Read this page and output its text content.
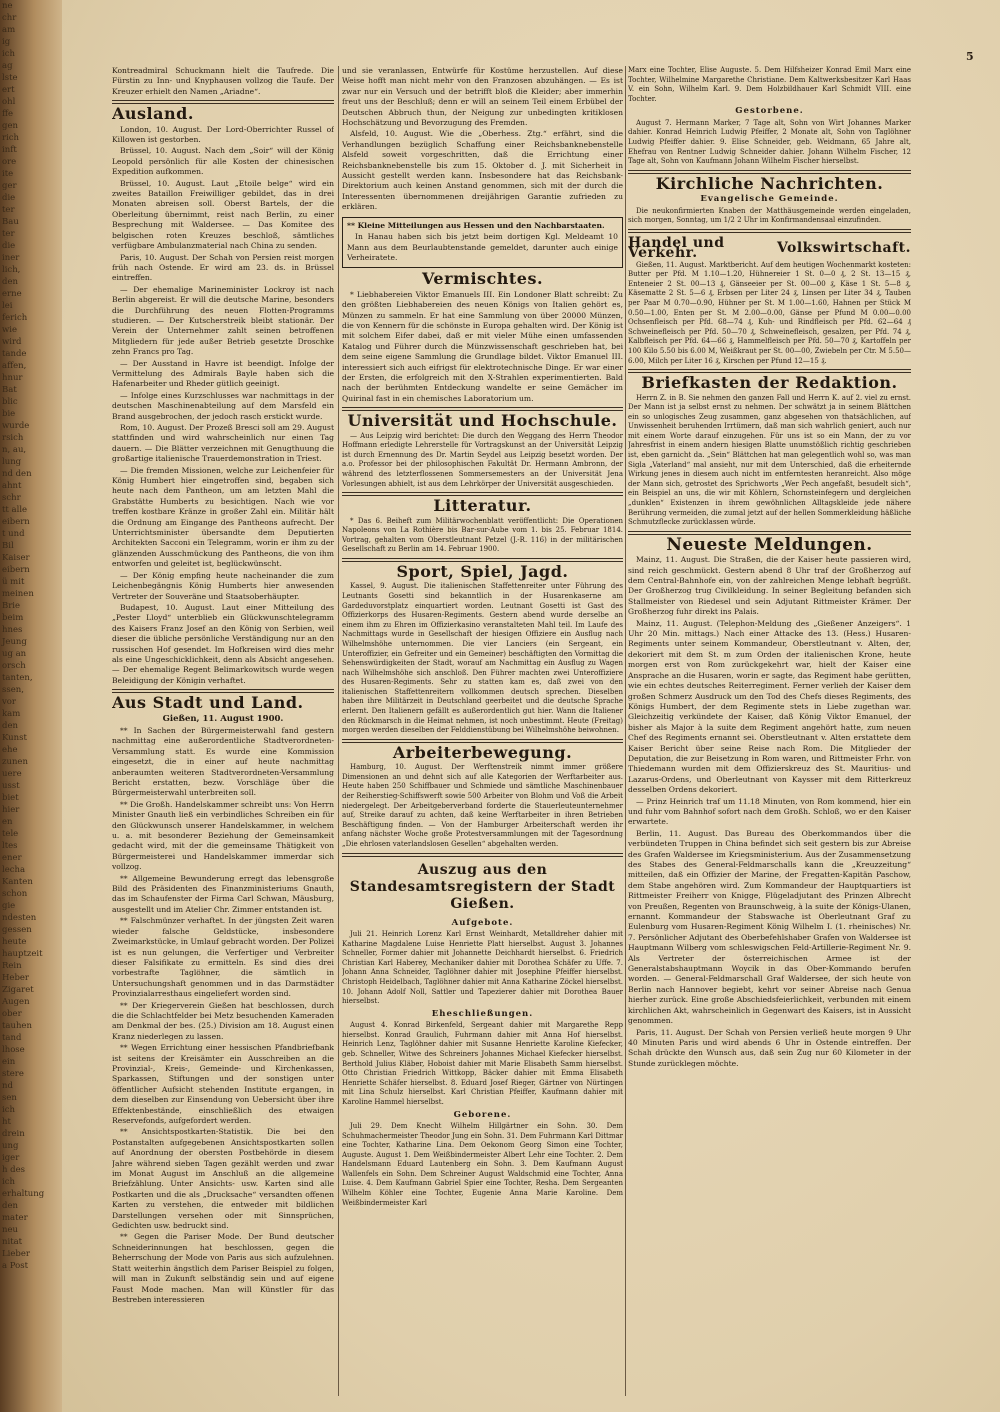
ne
chr
am
ig
ich
ag
lste
ert
ohl
ffe
gen
rich
inft
ore
ite
ger
die
ter
Bau
ter
die
iner
lich,
den
erne
lei
ferich
wie
wird
tande
affen,
hnur
Bat
blic
bie
wurde
rsich
n, au,
lung
nd den
ahnt
schr
tt alle
eibern
t und
Bil
Kaiser
eibern
ü mit
meinen
Brie
beim
hnes
Jeung
ug an
orsch
tanten,
ssen,
vor
kam
den
Kunst
ehe
zunen
uere
usst
biet
hier
en
tele
ltes
ener
lecha
Kanten
schon
gie
ndesten
gessen
heute
hauptzeit
Rein
Heber
Zigaret
Augen
ober
tauhen
tand
lhose
ein
stere
nd
sen
ich
ht
drein
ung
iger
h des
ich
erhaltung
den
mater
neu
nitat
Lieber
a Post
5

Kontreadmiral Schuckmann hielt die Taufrede. Die Fürstin zu Inn- und Knyphausen vollzog die Taufe. Der Kreuzer erhielt den Namen „Ariadne“.

Ausland.

London, 10. August. Der Lord-Oberrichter Russel of Killowen ist gestorben.

Brüssel, 10. August. Nach dem „Soir“ will der König Leopold persönlich für alle Kosten der chinesischen Expedition aufkommen.

Brüssel, 10. August. Laut „Etoile belge“ wird ein zweites Bataillon Freiwilliger gebildet, das in drei Monaten abreisen soll. Oberst Bartels, der die Oberleitung übernimmt, reist nach Berlin, zu einer Besprechung mit Waldersee. — Das Komitee des belgischen roten Kreuzes beschloß, sämtliches verfügbare Ambulanzmaterial nach China zu senden.

Paris, 10. August. Der Schah von Persien reist morgen früh nach Ostende. Er wird am 23. ds. in Brüssel eintreffen.

— Der ehemalige Marineminister Lockroy ist nach Berlin abgereist. Er will die deutsche Marine, besonders die Durchführung des neuen Flotten-Programms studieren. — Der Kutscherstreik bleibt stationär. Der Verein der Unternehmer zahlt seinen betroffenen Mitgliedern für jede außer Betrieb gesetzte Droschke zehn Francs pro Tag.

— Der Ausstand in Havre ist beendigt. Infolge der Vermittelung des Admirals Bayle haben sich die Hafenarbeiter und Rheder gütlich geeinigt.

— Infolge eines Kurzschlusses war nachmittags in der deutschen Maschinenabteilung auf dem Marsfeld ein Brand ausgebrochen, der jedoch rasch erstickt wurde.

Rom, 10. August. Der Prozeß Bresci soll am 29. August stattfinden und wird wahrscheinlich nur einen Tag dauern. — Die Blätter verzeichnen mit Genugthuung die großartige italienische Trauerdemonstration in Triest.

— Die fremden Missionen, welche zur Leichenfeier für König Humbert hier eingetroffen sind, begaben sich heute nach dem Pantheon, um am letzten Mahl die Grabstätte Humberts zu besichtigen. Nach wie vor treffen kostbare Kränze in großer Zahl ein. Militär hält die Ordnung am Eingange des Pantheons aufrecht. Der Unterrichtsminister übersandte dem Deputierten Architekten Sacconi ein Telegramm, worin er ihm zu der glänzenden Ausschmückung des Pantheons, die von ihm entworfen und geleitet ist, beglückwünscht.

— Der König empfing heute nacheinander die zum Leichenbegängnis König Humberts hier anwesenden Vertreter der Souveräne und Staatsoberhäupter.

Budapest, 10. August. Laut einer Mitteilung des „Pester Lloyd“ unterblieb ein Glückwunschtelegramm des Kaisers Franz Josef an den König von Serbien, weil dieser die übliche persönliche Verständigung nur an den russischen Hof gesendet. Im Hofkreisen wird dies mehr als eine Ungeschicklichkeit, denn als Absicht angesehen. — Der ehemalige Regent Belimarkowitsch wurde wegen Beleidigung der Königin verhaftet.

Aus Stadt und Land.
Gießen, 11. August 1900.

** In Sachen der Bürgermeisterwahl fand gestern nachmittag eine außerordentliche Stadtverordneten-Versammlung statt. Es wurde eine Kommission eingesetzt, die in einer auf heute nachmittag anberaumten weiteren Stadtverordneten-Versammlung Bericht erstatten, bezw. Vorschläge über die Bürgermeisterwahl unterbreiten soll.

** Die Großh. Handelskammer schreibt uns: Von Herrn Minister Gnauth ließ ein verbindliches Schreiben ein für den Glückwunsch unserer Handelskammer, in welchem u. a. mit besonderer Beziehung der Gemeinsamkeit gedacht wird, mit der die gemeinsame Thätigkeit von Bürgermeisterei und Handelskammer immerdar sich vollzog.

** Allgemeine Bewunderung erregt das lebensgroße Bild des Präsidenten des Finanzministeriums Gnauth, das im Schaufenster der Firma Carl Schwan, Mäusburg, ausgestellt und im Atelier Chr. Zimmer entstanden ist.

** Falschmünzer verhaftet. In der jüngsten Zeit waren wieder falsche Geldstücke, insbesondere Zweimarkstücke, in Umlauf gebracht worden. Der Polizei ist es nun gelungen, die Verfertiger und Verbreiter dieser Falsifikate zu ermitteln. Es sind dies drei vorbestrafte Taglöhner, die sämtlich in Untersuchungshaft genommen und in das Darmstädter Provinzialarresthaus eingeliefert worden sind.

** Der Kriegerverein Gießen hat beschlossen, durch die die Schlachtfelder bei Metz besuchenden Kameraden am Denkmal der bes. (25.) Division am 18. August einen Kranz niederlegen zu lassen.

** Wegen Errichtung einer hessischen Pfandbriefbank ist seitens der Kreisämter ein Ausschreiben an die Provinzial-, Kreis-, Gemeinde- und Kirchenkassen, Sparkassen, Stiftungen und der sonstigen unter öffentlicher Aufsicht stehenden Institute ergangen, in dem dieselben zur Einsendung von Uebersicht über ihre Effektenbestände, einschließlich des etwaigen Reservefonds, aufgefordert werden.

** Ansichtspostkarten-Statistik. Die bei den Postanstalten aufgegebenen Ansichtspostkarten sollen auf Anordnung der obersten Postbehörde in diesem Jahre während sieben Tagen gezählt werden und zwar im Monat August im Anschluß an die allgemeine Briefzählung. Unter Ansichts- usw. Karten sind alle Postkarten und die als „Drucksache“ versandten offenen Karten zu verstehen, die entweder mit bildlichen Darstellungen versehen oder mit Sinnsprüchen, Gedichten usw. bedruckt sind.

** Gegen die Pariser Mode. Der Bund deutscher Schneiderinnungen hat beschlossen, gegen die Beherrschung der Mode von Paris aus sich aufzulehnen. Statt weiterhin ängstlich dem Pariser Beispiel zu folgen, will man in Zukunft selbständig sein und auf eigene Faust Mode machen. Man will Künstler für das Bestreben interessieren

und sie veranlassen, Entwürfe für Kostüme herzustellen. Auf diese Weise hofft man nicht mehr von den Franzosen abzuhängen. — Es ist zwar nur ein Versuch und der betrifft bloß die Kleider; aber immerhin freut uns der Beschluß; denn er will an seinem Teil einem Erbübel der Deutschen Abbruch thun, der Neigung zur unbedingten kritiklosen Hochschätzung und Bevorzugung des Fremden.

Alsfeld, 10. August. Wie die „Oberhess. Ztg.“ erfährt, sind die Verhandlungen bezüglich Schaffung einer Reichsbanknebenstelle Alsfeld soweit vorgeschritten, daß die Errichtung einer Reichsbanknebenstelle bis zum 15. Oktober d. J. mit Sicherheit in Aussicht gestellt werden kann. Insbesondere hat das Reichsbank-Direktorium auch keinen Anstand genommen, sich mit der durch die Interessenten übernommenen dreijährigen Garantie zufrieden zu erklären.

** Kleine Mitteilungen aus Hessen und den Nachbarstaaten.

In Hanau haben sich bis jetzt beim dortigen Kgl. Meldeamt 10 Mann aus dem Beurlaubtenstande gemeldet, darunter auch einige Verheiratete.

Vermischtes.

* Liebhabereien Viktor Emanuels III. Ein Londoner Blatt schreibt: Zu den größten Liebhabereien des neuen Königs von Italien gehört es, Münzen zu sammeln. Er hat eine Sammlung von über 20000 Münzen, die von Kennern für die schönste in Europa gehalten wird. Der König ist mit solchem Eifer dabei, daß er mit vieler Mühe einen umfassenden Katalog und Führer durch die Münzwissenschaft geschrieben hat, bei dem seine eigene Sammlung die Grundlage bildet. Viktor Emanuel III. interessiert sich auch eifrigst für elektrotechnische Dinge. Er war einer der Ersten, die erfolgreich mit den X-Strahlen experimentierten. Bald nach der berühmten Entdeckung wandelte er seine Gemächer im Quirinal fast in ein chemisches Laboratorium um.

Universität und Hochschule.

— Aus Leipzig wird berichtet: Die durch den Weggang des Herrn Theodor Hoffmann erledigte Lehrerstelle für Vortragskunst an der Universität Leipzig ist durch Ernennung des Dr. Martin Seydel aus Leipzig besetzt worden. Der a.o. Professor bei der philosophischen Fakultät Dr. Hermann Ambronn, der während des letzterflossenen Sommersemesters an der Universität Jena Vorlesungen abhielt, ist aus dem Lehrkörper der Universität ausgeschieden.

Litteratur.

* Das 6. Beiheft zum Militärwochenblatt veröffentlicht: Die Operationen Napoleons von La Rothière bis Bar-sur-Aube vom 1. bis 25. Februar 1814. Vortrag, gehalten vom Oberstleutnant Petzel (J.-R. 116) in der militärischen Gesellschaft zu Berlin am 14. Februar 1900.

Sport, Spiel, Jagd.

Kassel, 9. August. Die italienischen Staffettenreiter unter Führung des Leutnants Gosetti sind bekanntlich in der Husarenkaserne am Gardeduvorstplatz einquartiert worden. Leutnant Gosetti ist Gast des Offizierkorps des Husaren-Regiments. Gestern abend wurde derselbe an einem ihm zu Ehren im Offizierkasino veranstalteten Mahl teil. Im Laufe des Nachmittags wurde in Gesellschaft der hiesigen Offiziere ein Ausflug nach Wilhelmshöhe unternommen. Die vier Lanciers (ein Sergeant, ein Unteroffizier, ein Gefreiter und ein Gemeiner) beschäftigten den Vormittag die Sehenswürdigkeiten der Stadt, worauf am Nachmittag ein Ausflug zu Wagen nach Wilhelmshöhe sich anschloß. Den Führer machten zwei Unteroffiziere des Husaren-Regiments. Sehr zu statten kam es, daß zwei von den italienischen Staffettenreitern vollkommen deutsch sprechen. Dieselben haben ihre Militärzeit in Deutschland geerbeitet und die deutsche Sprache erlernt. Den Italienern gefällt es außerordentlich gut hier. Wann die Italiener den Rückmarsch in die Heimat nehmen, ist noch unbestimmt. Heute (Freitag) morgen werden dieselben der Felddienstübung bei Wilhelmshöhe beiwohnen.

Arbeiterbewegung.

Hamburg, 10. August. Der Werftenstreik nimmt immer größere Dimensionen an und dehnt sich auf alle Kategorien der Werftarbeiter aus. Heute haben 250 Schiffbauer und Schmiede und sämtliche Maschinenbauer der Reiherstieg-Schiffswerft sowie 500 Arbeiter von Blohm und Voß die Arbeit niedergelegt. Der Arbeitgeberverband forderte die Stauerleuteunternehmer auf, Streike darauf zu achten, daß keine Werftarbeiter in ihren Betrieben Beschäftigung finden. — Von der Hamburger Arbeiterschaft werden ihr anfang nächster Woche große Protestversammlungen mit der Tagesordnung „Die ehrlosen vaterlandslosen Gesellen“ abgehalten werden.

Auszug aus den Standesamtsregistern der Stadt Gießen.
Aufgebote.

Juli 21. Heinrich Lorenz Karl Ernst Weinhardt, Metalldreher dahier mit Katharine Magdalene Luise Henriette Platt hierselbst. August 3. Johannes Schneller, Former dahier mit Johannette Deichhardt hierselbst. 6. Friedrich Christian Karl Haberey, Mechaniker dahier mit Dorothea Schäfer zu Uffe. 7. Johann Anna Schneider, Taglöhner dahier mit Josephine Pfeiffer hierselbst. Christoph Heidelbach, Taglöhner dahier mit Anna Katharine Zöckel hierselbst. 10. Johann Adolf Noll, Sattler und Tapezierer dahier mit Dorothea Bauer hierselbst.

Eheschließungen.

August 4. Konrad Birkenfeld, Sergeant dahier mit Margarethe Repp hierselbst. Konrad Graulich, Fuhrmann dahier mit Anna Hof hierselbst. Heinrich Lenz, Taglöhner dahier mit Susanne Henriette Karoline Kiefecker, geb. Schneller, Witwe des Schreiners Johannes Michael Kiefecker hierselbst. Berthold Julius Kläber, Hoboist dahier mit Marie Elisabeth Samm hierselbst. Otto Christian Friedrich Wittkopp, Bäcker dahier mit Emma Elisabeth Henriette Schäfer hierselbst. 8. Eduard Josef Rieger, Gärtner von Nürtingen mit Lina Schulz hierselbst. Karl Christian Pfeiffer, Kaufmann dahier mit Karoline Hammel hierselbst.

Geborene.

Juli 29. Dem Knecht Wilhelm Hillgärtner ein Sohn. 30. Dem Schuhmachermeister Theodor Jung ein Sohn. 31. Dem Fuhrmann Karl Dittmar eine Tochter, Katharine Lina. Dem Oekonom Georg Simon eine Tochter, Auguste. August 1. Dem Weißbindermeister Albert Lehr eine Tochter. 2. Dem Handelsmann Eduard Lautenberg ein Sohn. 3. Dem Kaufmann August Wallenfels ein Sohn. Dem Schreiner August Waldschmid eine Tochter, Anna Luise. 4. Dem Kaufmann Gabriel Spier eine Tochter, Resha. Dem Sergeanten Wilhelm Köhler eine Tochter, Eugenie Anna Marie Karoline. Dem Weißbindermeister Karl

Marx eine Tochter, Elise Auguste. 5. Dem Hilfsheizer Konrad Emil Marx eine Tochter, Wilhelmine Margarethe Christiane. Dem Kaltwerksbesitzer Karl Haas V. ein Sohn, Wilhelm Karl. 9. Dem Holzbildhauer Karl Schmidt VIII. eine Tochter.

Gestorbene.

August 7. Hermann Marker, 7 Tage alt, Sohn von Wirt Johannes Marker dahier. Konrad Heinrich Ludwig Pfeiffer, 2 Monate alt, Sohn von Taglöhner Ludwig Pfeiffer dahier. 9. Elise Schneider, geb. Weidmann, 65 Jahre alt, Ehefrau von Rentner Ludwig Schneider dahier. Johann Wilhelm Fischer, 12 Tage alt, Sohn von Kaufmann Johann Wilhelm Fischer hierselbst.

Kirchliche Nachrichten.
Evangelische Gemeinde.

Die neukonfirmierten Knaben der Matthäusgemeinde werden eingeladen, sich morgen, Sonntag, um 1/2 2 Uhr im Konfirmandensaal einzufinden.

Handel und Verkehr.	Volkswirtschaft.

Gießen, 11. August. Marktbericht. Auf dem heutigen Wochenmarkt kosteten: Butter per Pfd. M 1.10—1.20, Hühnereier 1 St. 0—0 ₰, 2 St. 13—15 ₰, Enteneier 2 St. 00—13 ₰, Gänseeier per St. 00—00 ₰, Käse 1 St. 5—8 ₰, Käsematte 2 St. 5—6 ₰, Erbsen per Liter 24 ₰, Linsen per Liter 34 ₰, Tauben per Paar M 0.70—0.90, Hühner per St. M 1.00—1.60, Hahnen per Stück M 0.50—1.00, Enten per St. M 2.00—0.00, Gänse per Pfund M 0.00—0.00 Ochsenfleisch per Pfd. 68—74 ₰, Kuh- und Rindfleisch per Pfd. 62—64 ₰ Schweinefleisch per Pfd. 50—70 ₰, Schweinefleisch, gesalzen, per Pfd. 74 ₰, Kalbfleisch per Pfd. 64—66 ₰, Hammelfleisch per Pfd. 50—70 ₰, Kartoffeln per 100 Kilo 5.50 bis 6.00 M, Weißkraut per St. 00—00, Zwiebeln per Ctr. M 5.50—6.00, Milch per Liter 16 ₰, Kirschen per Pfund 12—15 ₰.

Briefkasten der Redaktion.

Herrn Z. in B. Sie nehmen den ganzen Fall und Herrn K. auf 2. viel zu ernst. Der Mann ist ja selbst ernst zu nehmen. Der schwätzt ja in seinem Blättchen ein so unlogisches Zeug zusammen, ganz abgesehen von thatsächlichen, auf Unwissenheit beruhenden Irrtümern, daß man sich wahrlich geniert, auch nur mit einem Worte darauf einzugehen. Für uns ist so ein Mann, der zu vor Jahresfrist in einem andern hiesigen Blatte unumstößlich richtig geschrieben ist, eben garnicht da. „Sein“ Blättchen hat man gelegentlich wohl so, was man Sigla „Vaterland“ mal ansieht, nur mit dem Unterschied, daß die erheiternde Wirkung jenes in diesem auch nicht im entferntesten heranreicht. Also möge der Mann sich, getrostet des Sprichworts „Wer Pech angefaßt, besudelt sich“, ein Beispiel an uns, die wir mit Köhlern, Schornsteinfegern und dergleichen „dunklen“ Existenzen in ihrem gewöhnlichen Alltagskleide jede nähere Berührung vermeiden, die zumal jetzt auf der hellen Sommerkleidung häßliche Schmutzflecke zurücklassen würde.

Neueste Meldungen.

Mainz, 11. August. Die Straßen, die der Kaiser heute passieren wird, sind reich geschmückt. Gestern abend 8 Uhr traf der Großherzog auf dem Central-Bahnhofe ein, von der zahlreichen Menge lebhaft begrüßt. Der Großherzog trug Civilkleidung. In seiner Begleitung befanden sich Stallmeister von Riedesel und sein Adjutant Rittmeister Krämer. Der Großherzog fuhr direkt ins Palais.

Mainz, 11. August. (Telephon-Meldung des „Gießener Anzeigers“. 1 Uhr 20 Min. mittags.) Nach einer Attacke des 13. (Hess.) Husaren-Regiments unter seinem Kommandeur, Oberstleutnant v. Alten, der, dekoriert mit dem St. m zum Orden der italienischen Krone, heute morgen erst von Rom zurückgekehrt war, hielt der Kaiser eine Ansprache an die Husaren, worin er sagte, das Regiment habe gerütten, wie ein echtes deutsches Reiterregiment. Ferner verlieh der Kaiser dem großen Schmerz Ausdruck um den Tod des Chefs dieses Regiments, des Königs Humbert, der dem Regimente stets in Liebe zugethan war. Gleichzeitig verkündete der Kaiser, daß König Viktor Emanuel, der bisher als Major à la suite dem Regiment angehört hatte, zum neuen Chef des Regiments ernannt sei. Oberstleutnant v. Alten erstattete dem Kaiser Bericht über seine Reise nach Rom. Die Mitglieder der Deputation, die zur Beisetzung in Rom waren, und Rittmeister Frhr. von Thiedemann wurden mit dem Offizierskreuz des St. Mauritius- und Lazarus-Ordens, und Oberleutnant von Kaysser mit dem Ritterkreuz desselben Ordens dekoriert.

— Prinz Heinrich traf um 11.18 Minuten, von Rom kommend, hier ein und fuhr vom Bahnhof sofort nach dem Großh. Schloß, wo er den Kaiser erwartete.

Berlin, 11. August. Das Bureau des Oberkommandos über die verbündeten Truppen in China befindet sich seit gestern bis zur Abreise des Grafen Waldersee im Kriegsministerium. Aus der Zusammensetzung des Stabes des General-Feldmarschalls kann die „Kreuzzeitung“ mitteilen, daß ein Offizier der Marine, der Fregatten-Kapitän Paschow, dem Stabe angehören wird. Zum Kommandeur der Hauptquartiers ist Rittmeister Freiherr von Knigge, Flügeladjutant des Prinzen Albrecht von Preußen, Regenten von Braunschweig, à la suite der Königs-Ulanen, ernannt. Kommandeur der Stabswache ist Oberleutnant Graf zu Eulenburg vom Husaren-Regiment König Wilhelm I. (1. rheinisches) Nr. 7. Persönlicher Adjutant des Oberbefehlshaber Grafen von Waldersee ist Hauptmann Wilberg vom schleswigschen Feld-Artillerie-Regiment Nr. 9. Als Vertreter der österreichischen Armee ist der Generalstabshauptmann Woycik in das Ober-Kommando berufen worden. — General-Feldmarschall Graf Waldersee, der sich heute von Berlin nach Hannover begiebt, kehrt vor seiner Abreise nach Genua hierher zurück. Eine große Abschiedsfeierlichkeit, verbunden mit einem kirchlichen Akt, wahrscheinlich in Gegenwart des Kaisers, ist in Aussicht genommen.

Paris, 11. August. Der Schah von Persien verließ heute morgen 9 Uhr 40 Minuten Paris und wird abends 6 Uhr in Ostende eintreffen. Der Schah drückte den Wunsch aus, daß sein Zug nur 60 Kilometer in der Stunde zurücklegen möchte.
